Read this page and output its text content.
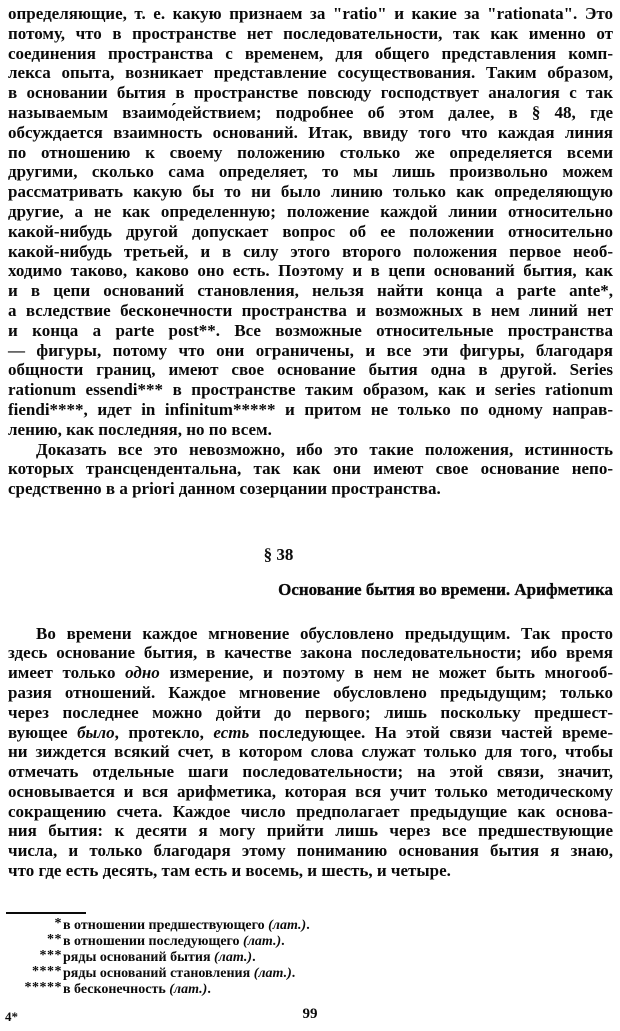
определяющие, т. е. какую признаем за "ratio" и какие за "rationata". Это
потому, что в пространстве нет последовательности, так как именно от
соединения пространства с временем, для общего представления комп-
лекса опыта, возникает представление сосуществования. Таким образом,
в основании бытия в пространстве повсюду господствует аналогия с так
называемым взаимо́действием; подробнее об этом далее, в § 48, где
обсуждается взаимность оснований. Итак, ввиду того что каждая линия
по отношению к своему положению столько же определяется всеми
другими, сколько сама определяет, то мы лишь произвольно можем
рассматривать какую бы то ни было линию только как определяющую
другие, а не как определенную; положение каждой линии относительно
какой-нибудь другой допускает вопрос об ее положении относительно
какой-нибудь третьей, и в силу этого второго положения первое необ-
ходимо таково, каково оно есть. Поэтому и в цепи оснований бытия, как
и в цепи оснований становления, нельзя найти конца a parte ante*,
а вследствие бесконечности пространства и возможных в нем линий нет
и конца a parte post**. Все возможные относительные пространства
— фигуры, потому что они ограничены, и все эти фигуры, благодаря
общности границ, имеют свое основание бытия одна в другой. Series
rationum essendi*** в пространстве таким образом, как и series rationum
fiendi****, идет in infinitum***** и притом не только по одному направ-
лению, как последняя, но по всем.
Доказать все это невозможно, ибо это такие положения, истинность
которых трансцендентальна, так как они имеют свое основание непо-
средственно в a priori данном созерцании пространства.
§ 38
Основание бытия во времени. Арифметика
Во времени каждое мгновение обусловлено предыдущим. Так просто
здесь основание бытия, в качестве закона последовательности; ибо время
имеет только одно измерение, и поэтому в нем не может быть многооб-
разия отношений. Каждое мгновение обусловлено предыдущим; только
через последнее можно дойти до первого; лишь поскольку предшест-
вующее было, протекло, есть последующее. На этой связи частей време-
ни зиждется всякий счет, в котором слова служат только для того, чтобы
отмечать отдельные шаги последовательности; на этой связи, значит,
основывается и вся арифметика, которая вся учит только методическому
сокращению счета. Каждое число предполагает предыдущие как основа-
ния бытия: к десяти я могу прийти лишь через все предшествующие
числа, и только благодаря этому пониманию основания бытия я знаю,
что где есть десять, там есть и восемь, и шесть, и четыре.
* в отношении предшествующего (лат.).
** в отношении последующего (лат.).
*** ряды оснований бытия (лат.).
**** ряды оснований становления (лат.).
***** в бесконечность (лат.).
4*	99
